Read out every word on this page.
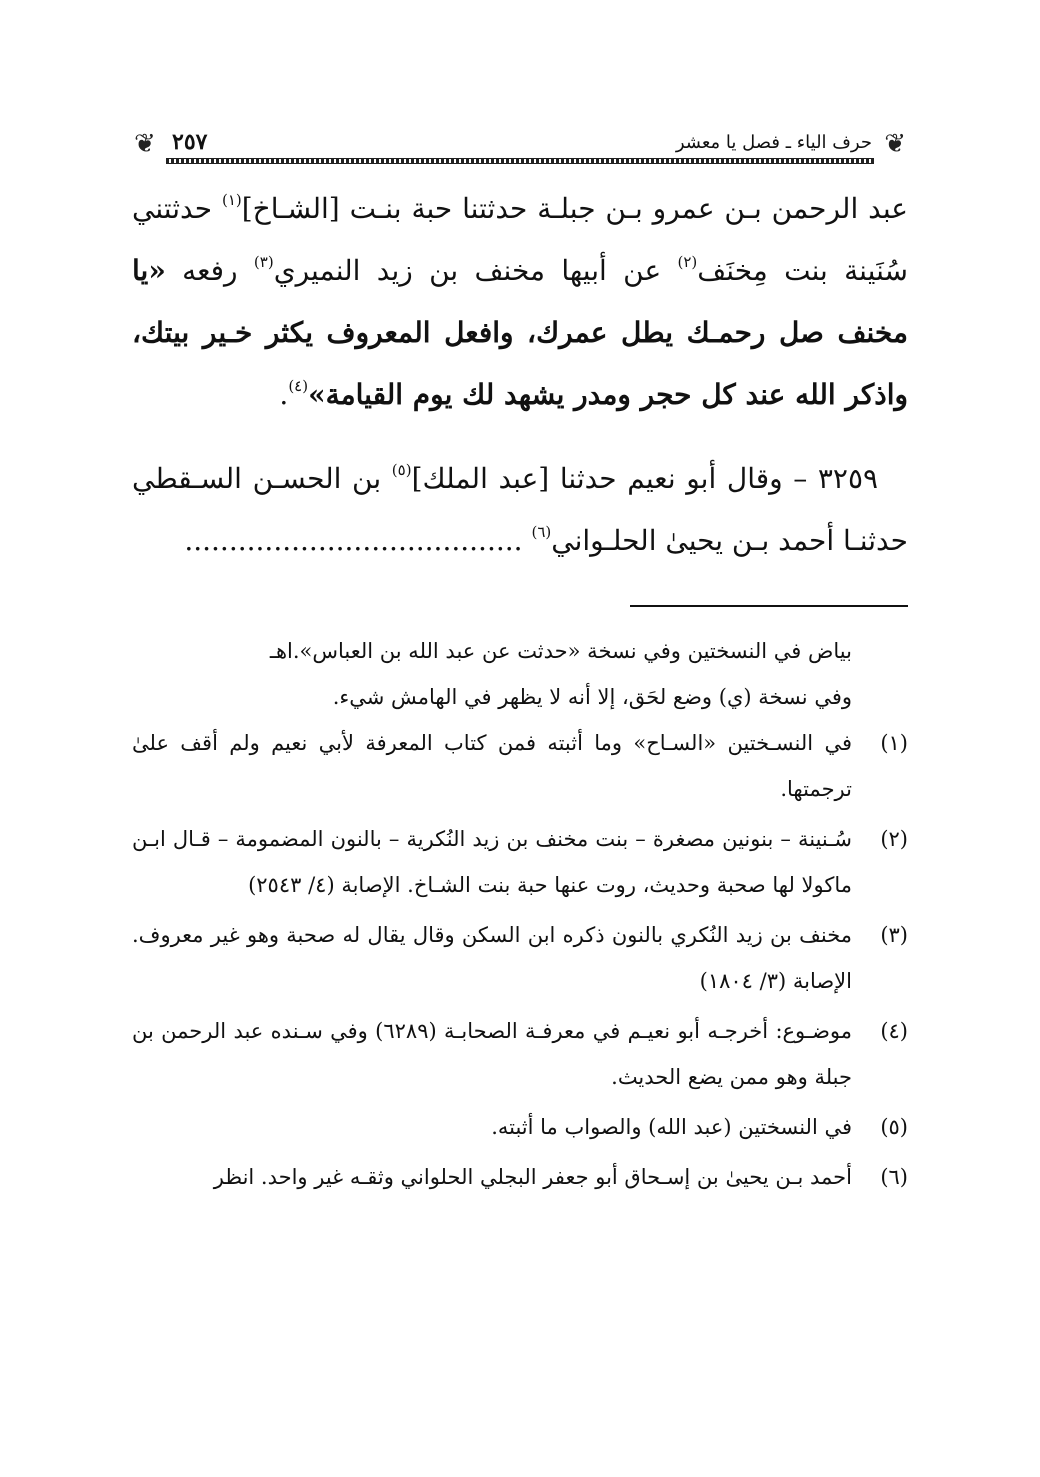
❦
حرف الياء ـ فصل يا معشر
٢٥٧
❦

عبد الرحمن بـن عمرو بـن جبلـة حدثتنا حبة بنـت [الشـاخ]$^{(١)}$ حدثتني سُنَينة بنت مِخنَف$^{(٢)}$ عن أبيها مخنف بن زيد النميري$^{(٣)}$ رفعه «يا مخنف صل رحمـك يطل عمرك، وافعل المعروف يكثر خـير بيتك، واذكر الله عند كل حجر ومدر يشهد لك يوم القيامة»$^{(٤)}$.

٣٢٥٩ – وقال أبو نعيم حدثنا [عبد الملك]$^{(٥)}$ بن الحسـن السـقطي حدثنـا أحمد بـن يحيىٰ الحلـواني$^{(٦)}$ ......................................

بياض في النسختين وفي نسخة «حدثت عن عبد الله بن العباس».اهـ

وفي نسخة (ي) وضع لحَق، إلا أنه لا يظهر في الهامش شيء.

(١)
في النسـختين «السـاح» وما أثبته فمن كتاب المعرفة لأبي نعيم ولم أقف علىٰ ترجمتها.
(٢)
سُـنينة – بنونين مصغرة – بنت مخنف بن زيد النُكرية – بالنون المضمومة – قـال ابـن ماكولا لها صحبة وحديث، روت عنها حبة بنت الشـاخ. الإصابة (٤/ ٢٥٤٣)
(٣)
مخنف بن زيد النُكري بالنون ذكره ابن السكن وقال يقال له صحبة وهو غير معروف. الإصابة (٣/ ١٨٠٤)
(٤)
موضـوع: أخرجـه أبو نعيـم في معرفـة الصحابـة (٦٢٨٩) وفي سـنده عبد الرحمن بن جبلة وهو ممن يضع الحديث.
(٥)
في النسختين (عبد الله) والصواب ما أثبته.
(٦)
أحمد بـن يحيىٰ بن إسـحاق أبو جعفر البجلي الحلواني وثقـه غير واحد. انظر
